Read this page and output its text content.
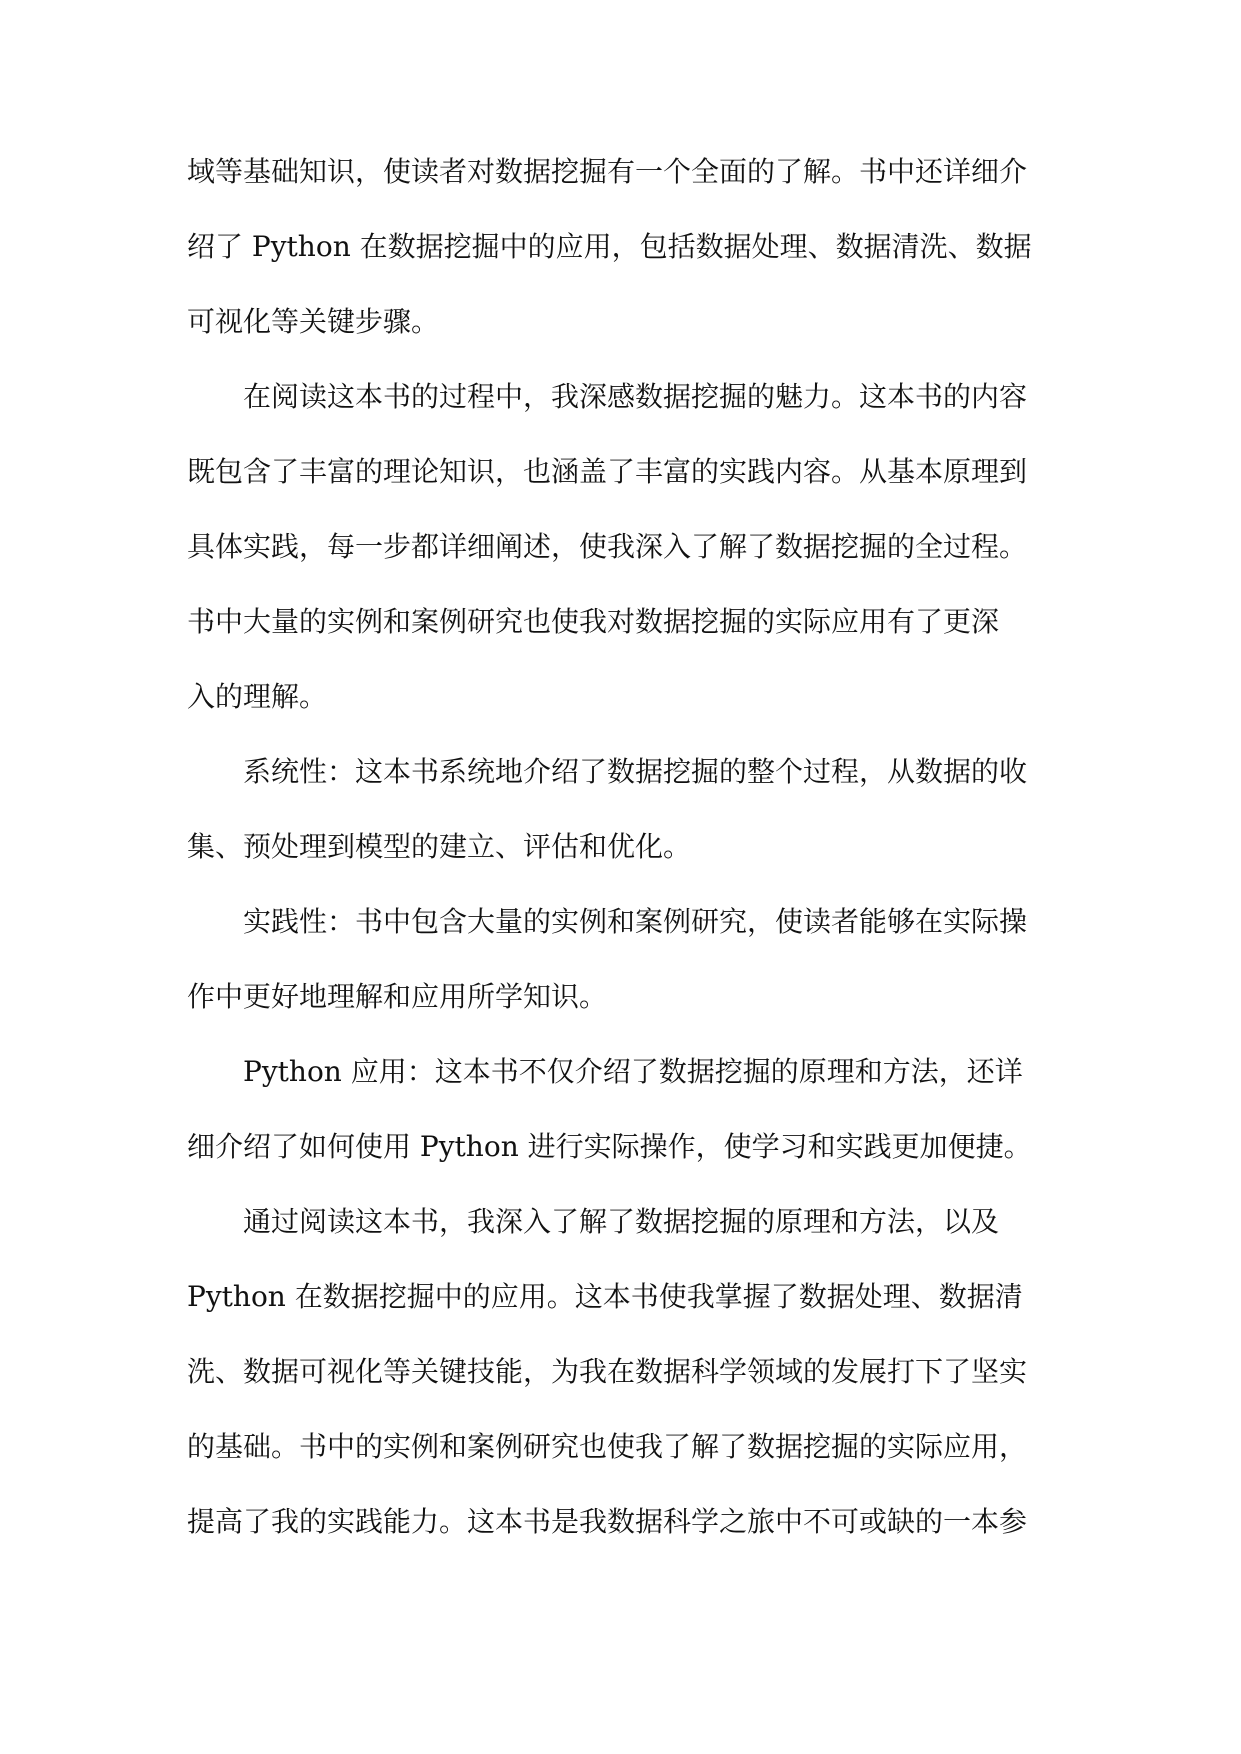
域等基础知识，使读者对数据挖掘有一个全面的了解。书中还详细介

绍了 Python 在数据挖掘中的应用，包括数据处理、数据清洗、数据

可视化等关键步骤。

在阅读这本书的过程中，我深感数据挖掘的魅力。这本书的内容

既包含了丰富的理论知识，也涵盖了丰富的实践内容。从基本原理到

具体实践，每一步都详细阐述，使我深入了解了数据挖掘的全过程。

书中大量的实例和案例研究也使我对数据挖掘的实际应用有了更深

入的理解。

系统性：这本书系统地介绍了数据挖掘的整个过程，从数据的收

集、预处理到模型的建立、评估和优化。

实践性：书中包含大量的实例和案例研究，使读者能够在实际操

作中更好地理解和应用所学知识。

Python 应用：这本书不仅介绍了数据挖掘的原理和方法，还详

细介绍了如何使用 Python 进行实际操作，使学习和实践更加便捷。

通过阅读这本书，我深入了解了数据挖掘的原理和方法，以及

Python 在数据挖掘中的应用。这本书使我掌握了数据处理、数据清

洗、数据可视化等关键技能，为我在数据科学领域的发展打下了坚实

的基础。书中的实例和案例研究也使我了解了数据挖掘的实际应用，

提高了我的实践能力。这本书是我数据科学之旅中不可或缺的一本参
